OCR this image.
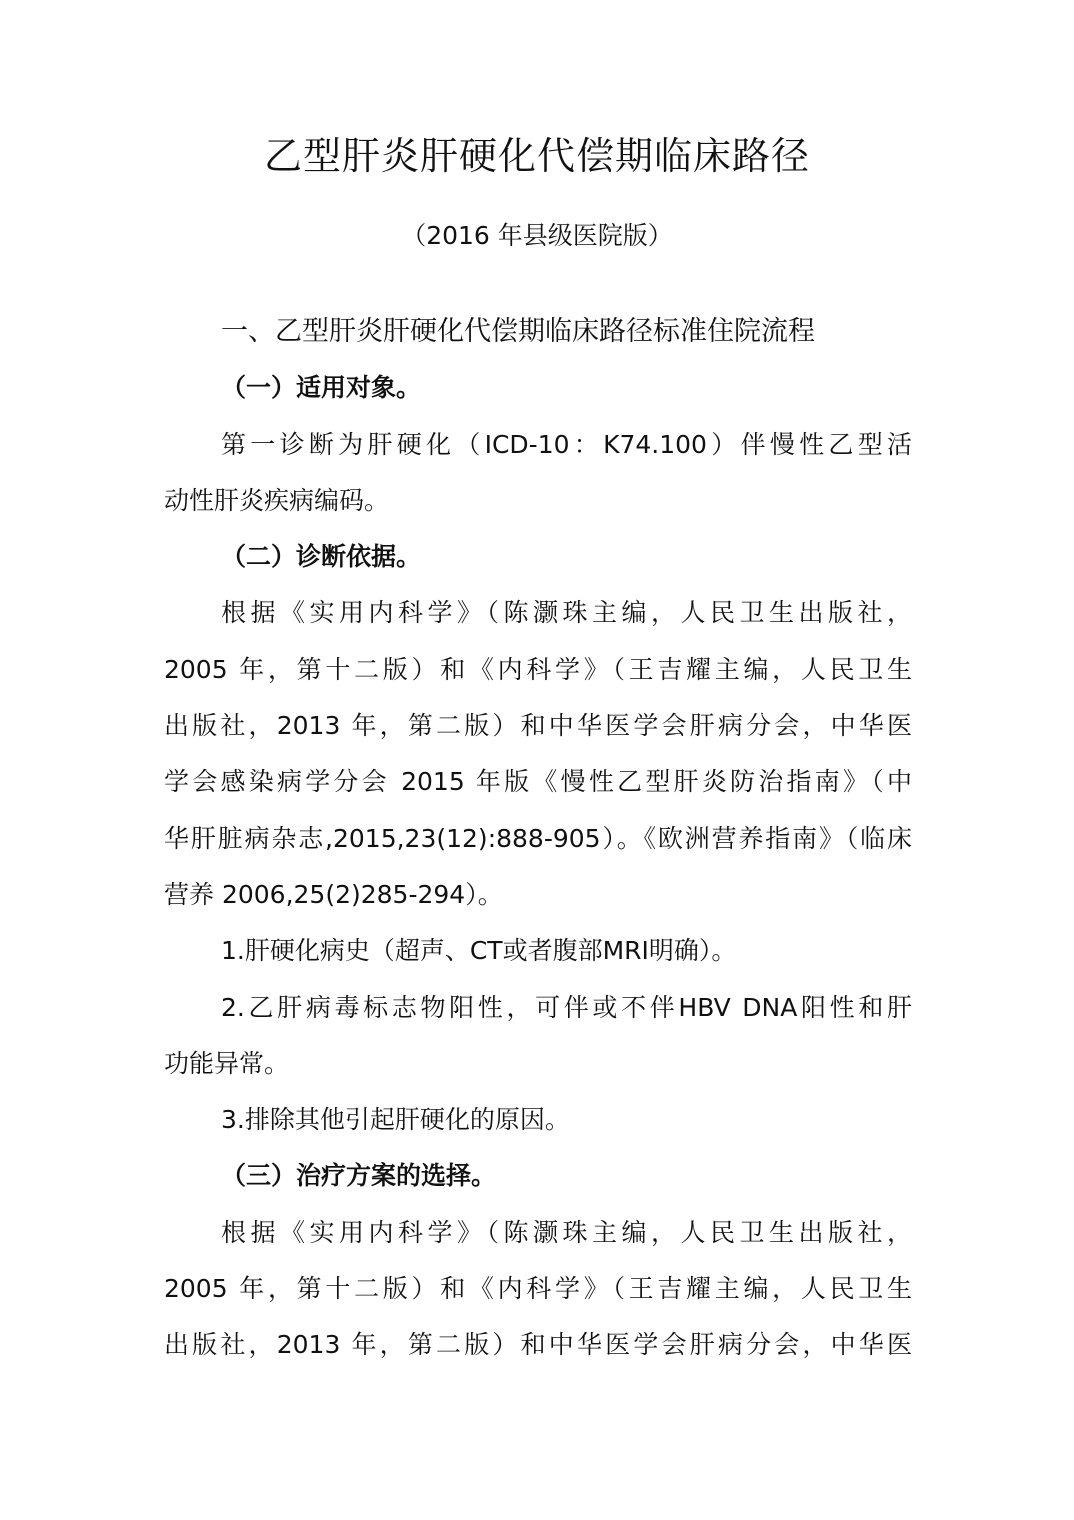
乙型肝炎肝硬化代偿期临床路径
（2016 年县级医院版）
一、乙型肝炎肝硬化代偿期临床路径标准住院流程
（一）适用对象。
第一诊断为肝硬化（ICD-10：K74.100）伴慢性乙型活
动性肝炎疾病编码。
（二）诊断依据。
根据《实用内科学》（陈灏珠主编，人民卫生出版社，
2005 年，第十二版）和《内科学》（王吉耀主编，人民卫生
出版社，2013 年，第二版）和中华医学会肝病分会，中华医
学会感染病学分会 2015 年版《慢性乙型肝炎防治指南》（中
华肝脏病杂志,2015,23(12):888-905）。《欧洲营养指南》（临床
营养 2006,25(2)285-294）。
1.肝硬化病史（超声、CT或者腹部MRI明确）。
2.乙肝病毒标志物阳性，可伴或不伴HBV DNA阳性和肝
功能异常。
3.排除其他引起肝硬化的原因。
（三）治疗方案的选择。
根据《实用内科学》（陈灏珠主编，人民卫生出版社，
2005 年，第十二版）和《内科学》（王吉耀主编，人民卫生
出版社，2013 年，第二版）和中华医学会肝病分会，中华医
